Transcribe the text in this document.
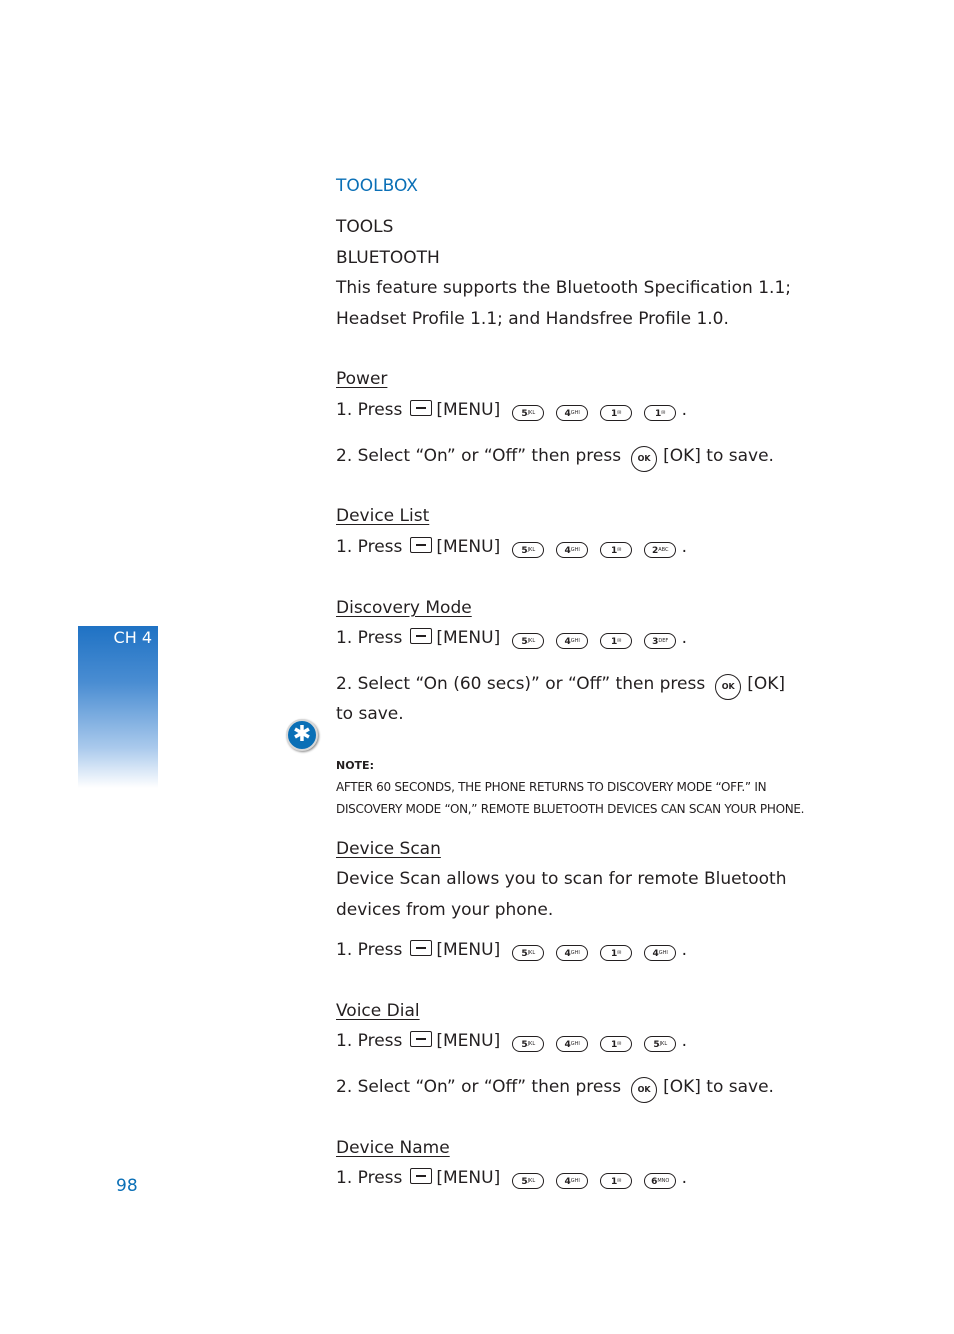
CH 4
98
TOOLBOX
TOOLS
BLUETOOTH
This feature supports the Bluetooth Specification 1.1;
Headset Profile 1.1; and Handsfree Profile 1.0.
Power
1. Press [MENU] $5^{JKL}$	$4^{GHI}$	1✉	1✉ .
2. Select “On” or “Off” then press OK [OK] to save.
Device List
1. Press [MENU] $5^{JKL}$	$4^{GHI}$	1✉	$2^{ABC}$ .
Discovery Mode
1. Press [MENU] $5^{JKL}$	$4^{GHI}$	1✉	$3^{DEF}$ .
2. Select “On (60 secs)” or “Off” then press OK [OK]
to save.
✱
NOTE:
AFTER 60 SECONDS, THE PHONE RETURNS TO DISCOVERY MODE “OFF.” IN
DISCOVERY MODE “ON,” REMOTE BLUETOOTH DEVICES CAN SCAN YOUR PHONE.
Device Scan
Device Scan allows you to scan for remote Bluetooth
devices from your phone.
1. Press [MENU] $5^{JKL}$	$4^{GHI}$	1✉	$4^{GHI}$ .
Voice Dial
1. Press [MENU] $5^{JKL}$	$4^{GHI}$	1✉	$5^{JKL}$ .
2. Select “On” or “Off” then press OK [OK] to save.
Device Name
1. Press [MENU] $5^{JKL}$	$4^{GHI}$	1✉	$6^{MNO}$ .
